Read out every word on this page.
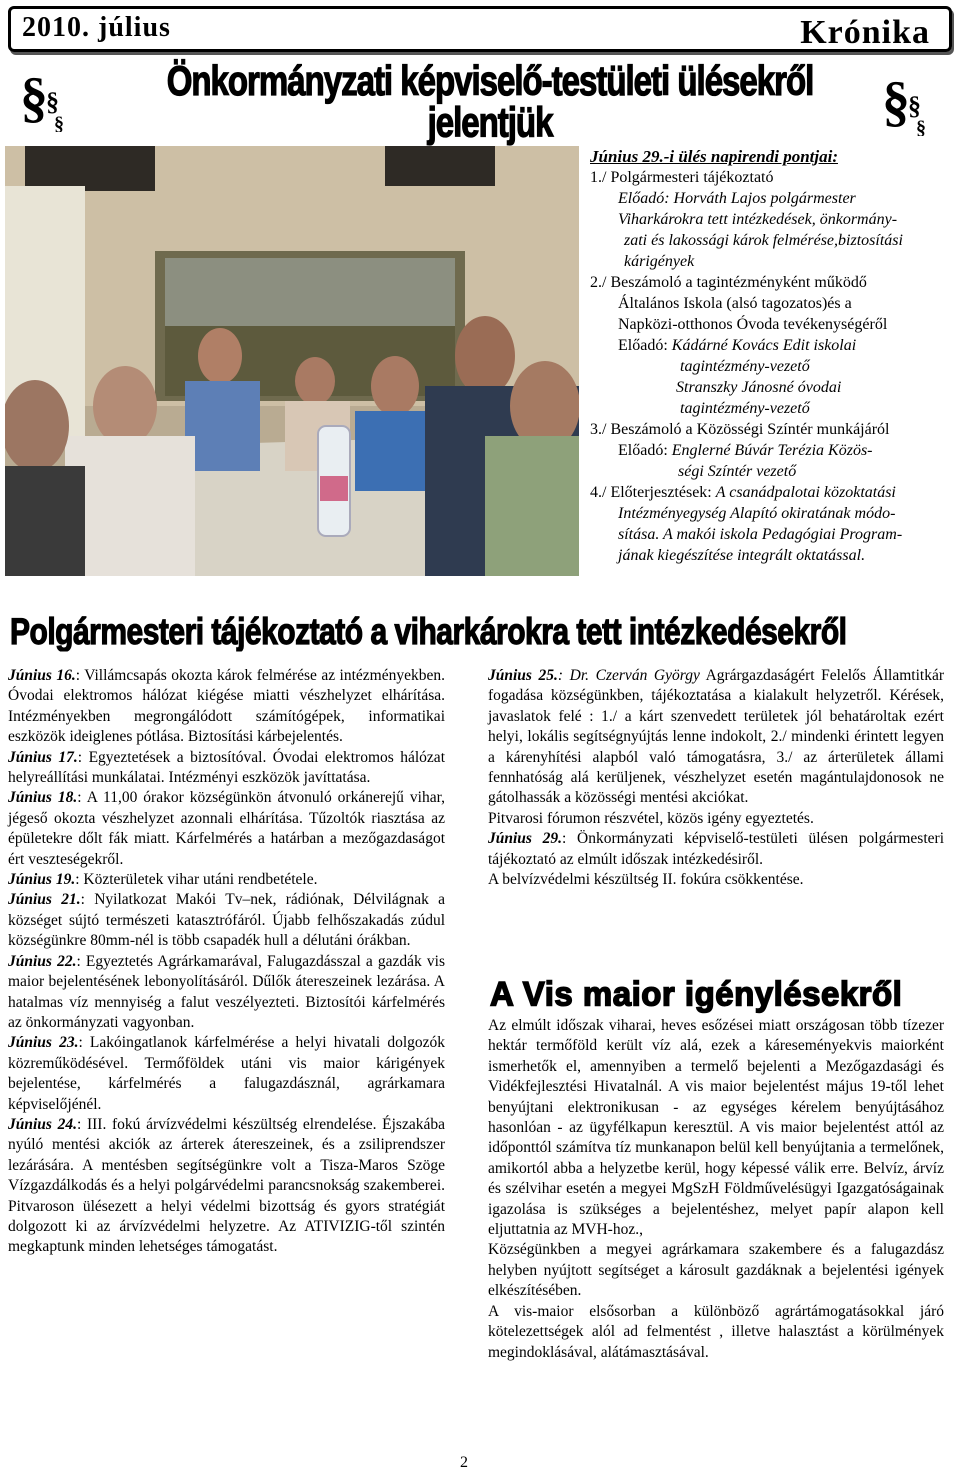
2010. július	Krónika
§
§
§	§
§
§
Önkormányzati képviselő-testületi ülésekről jelentjük

Június 29.-i ülés napirendi pontjai:

1./ Polgármesteri tájékoztató

Előadó: Horváth Lajos polgármester

Viharkárokra tett intézkedések, önkormány-

zati és lakossági károk felmérése,biztosítási

kárigények

2./ Beszámoló a tagintézményként működő

Általános Iskola (alsó tagozatos)és a

Napközi-otthonos Óvoda tevékenységéről

Előadó: Kádárné Kovács Edit iskolai

tagintézmény-vezető

Stranszky Jánosné óvodai

tagintézmény-vezető

3./ Beszámoló a Közösségi Színtér munkájáról

Előadó: Englerné Búvár Terézia Közös-

ségi Színtér vezető

4./ Előterjesztések: A csanádpalotai közoktatási

Intézményegység Alapító okiratának módo-

sítása. A makói iskola Pedagógiai Program-

jának kiegészítése integrált oktatással.

Polgármesteri tájékoztató a viharkárokra tett intézkedésekről

Június 16.: Villámcsapás okozta károk felmérése az intézményekben. Óvodai elektromos hálózat kiégése miatti vészhelyzet elhárítása. Intézményekben megrongálódott számítógépek, informatikai eszközök ideiglenes pótlása. Biztosítási kárbejelentés.

Június 17.: Egyeztetések a biztosítóval. Óvodai elektromos hálózat helyreállítási munkálatai. Intézményi eszközök javíttatása.

Június 18.: A 11,00 órakor községünkön átvonuló orkánerejű vihar, jégeső okozta vészhelyzet azonnali elhárítása. Tűzoltók riasztása az épületekre dőlt fák miatt. Kárfelmérés a határban a mezőgazdaságot ért veszteségekről.

Június 19.: Közterületek vihar utáni rendbetétele.

Június 21.: Nyilatkozat Makói Tv–nek, rádiónak, Délvilágnak a községet sújtó természeti katasztrófáról. Újabb felhőszakadás zúdul községünkre 80mm-nél is több csapadék hull a délutáni órákban.

Június 22.: Egyeztetés Agrárkamarával, Falugazdásszal a gazdák vis maior bejelentésének lebonyolításáról. Dűlők átereszeinek lezárása. A hatalmas víz mennyiség a falut veszélyezteti. Biztosítói kárfelmérés az önkormányzati vagyonban.

Június 23.: Lakóingatlanok kárfelmérése a helyi hivatali dolgozók közreműködésével. Termőföldek utáni vis maior kárigények bejelentése, kárfelmérés a falugazdásznál, agrárkamara képviselőjénél.

Június 24.: III. fokú árvízvédelmi készültség elrendelése. Éjszakába nyúló mentési akciók az árterek átereszeinek, és a zsiliprendszer lezárására. A mentésben segítségünkre volt a Tisza-Maros Szöge Vízgazdálkodás és a helyi polgárvédelmi parancsnokság szakemberei. Pitvaroson ülésezett a helyi védelmi bizottság és gyors stratégiát dolgozott ki az árvízvédelmi helyzetre. Az ATIVIZIG-től szintén megkaptunk minden lehetséges támogatást.

Június 25.: Dr. Czerván György Agrárgazdaságért Felelős Államtitkár fogadása községünkben, tájékoztatása a kialakult helyzetről. Kérések, javaslatok felé : 1./ a kárt szenvedett területek jól behatároltak ezért helyi, lokális segítségnyújtás lenne indokolt, 2./ mindenki érintett legyen a kárenyhítési alapból való támogatásra, 3./ az árterületek állami fennhatóság alá kerüljenek, vészhelyzet esetén magántulajdonosok ne gátolhassák a közösségi mentési akciókat.

Pitvarosi fórumon részvétel, közös igény egyeztetés.

Június 29.: Önkormányzati képviselő-testületi ülésen polgármesteri tájékoztató az elmúlt időszak intézkedésiről.

A belvízvédelmi készültség II. fokúra csökkentése.

A Vis maior igénylésekről

Az elmúlt időszak viharai, heves esőzései miatt országosan több tízezer hektár termőföld került víz alá, ezek a káreseményekvis maiorként ismerhetők el, amennyiben a termelő bejelenti a Mezőgazdasági és Vidékfejlesztési Hivatalnál. A vis maior bejelentést május 19-től lehet benyújtani elektronikusan - az egységes kérelem benyújtásához hasonlóan - az ügyfélkapun keresztül. A vis maior bejelentést attól az időponttól számítva tíz munkanapon belül kell benyújtania a termelőnek, amikortól abba a helyzetbe kerül, hogy képessé válik erre. Belvíz, árvíz és szélvihar esetén a megyei MgSzH Földművelésügyi Igazgatóságainak igazolása is szükséges a bejelentéshez, melyet papír alapon kell eljuttatnia az MVH-hoz.,

Községünkben a megyei agrárkamara szakembere és a falugazdász helyben nyújtott segítséget a károsult gazdáknak a bejelentési igények elkészítésében.

A vis-maior elsősorban a különböző agrártámogatásokkal járó kötelezettségek alól ad felmentést , illetve halasztást a körülmények megindoklásával, alátámasztásával.

2
